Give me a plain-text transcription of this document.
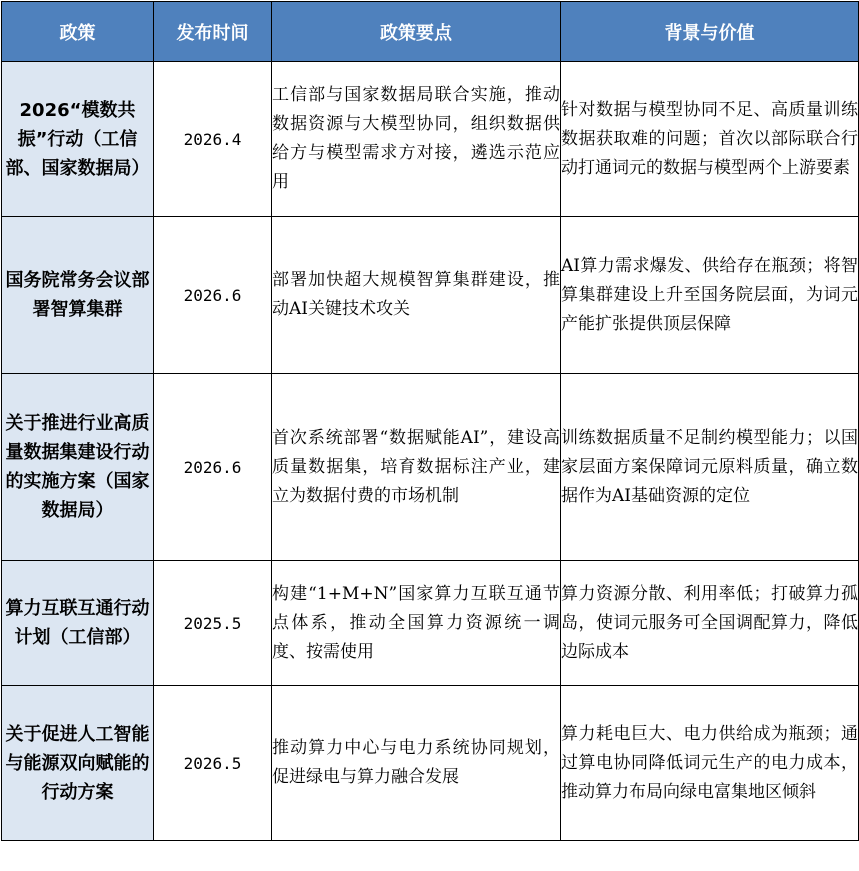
政策	发布时间	政策要点	背景与价值
2026“模数共振”行动（工信部、国家数据局）	2026.4	工信部与国家数据局联合实施，推动数据资源与大模型协同，组织数据供给方与模型需求方对接，遴选示范应用	针对数据与模型协同不足、高质量训练数据获取难的问题；首次以部际联合行动打通词元的数据与模型两个上游要素
国务院常务会议部署智算集群	2026.6	部署加快超大规模智算集群建设，推动AI关键技术攻关	AI算力需求爆发、供给存在瓶颈；将智算集群建设上升至国务院层面，为词元产能扩张提供顶层保障
关于推进行业高质量数据集建设行动的实施方案（国家数据局）	2026.6	首次系统部署“数据赋能AI”，建设高质量数据集，培育数据标注产业，建立为数据付费的市场机制	训练数据质量不足制约模型能力；以国家层面方案保障词元原料质量，确立数据作为AI基础资源的定位
算力互联互通行动计划（工信部）	2025.5	构建“1+M+N”国家算力互联互通节点体系，推动全国算力资源统一调度、按需使用	算力资源分散、利用率低；打破算力孤岛，使词元服务可全国调配算力，降低边际成本
关于促进人工智能与能源双向赋能的行动方案	2026.5	推动算力中心与电力系统协同规划，促进绿电与算力融合发展	算力耗电巨大、电力供给成为瓶颈；通过算电协同降低词元生产的电力成本，推动算力布局向绿电富集地区倾斜
